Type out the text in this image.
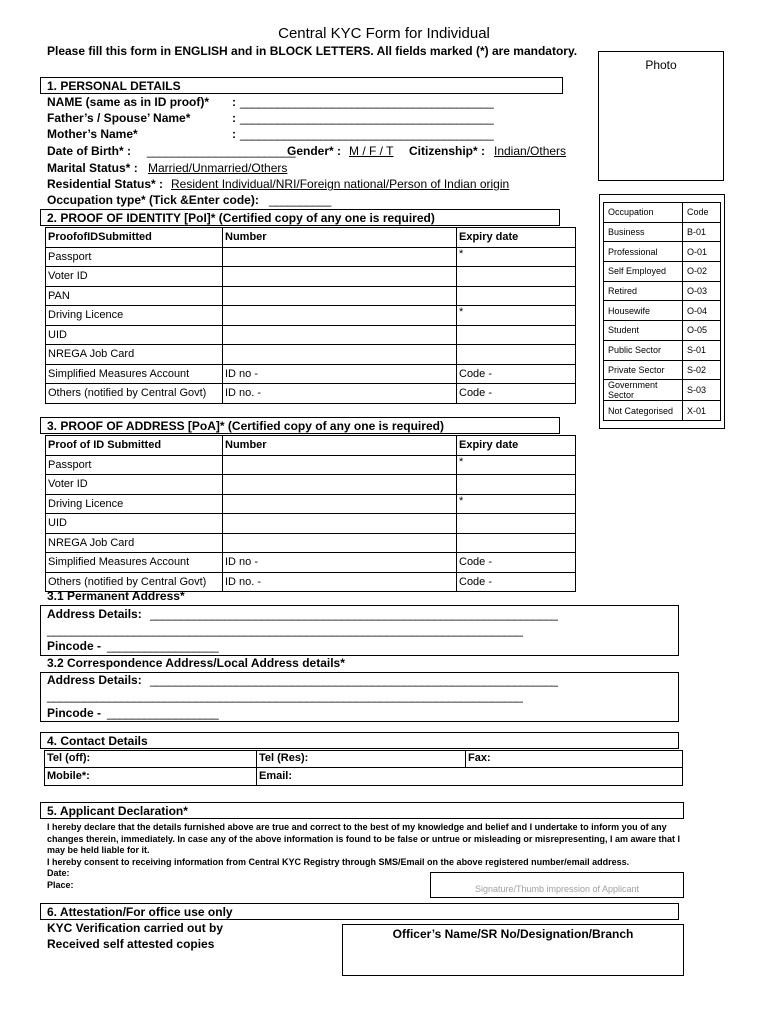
Central KYC Form for Individual
Please fill this form in ENGLISH and in BLOCK LETTERS. All fields marked (*) are mandatory.
Photo
1. PERSONAL DETAILS
NAME (same as in ID proof)* : _________________________________________
Father’s / Spouse’ Name*	: _________________________________________
Mother’s Name*	: _________________________________________
Date of Birth* : ________________________
Gender* : M / F / T Citizenship* : Indian/Others
Marital Status* : Married/Unmarried/Others
Residential Status* : Resident Individual/NRI/Foreign national/Person of Indian origin
Occupation type* (Tick &Enter code): __________
Occupation	Code
Business	B-01
Professional	O-01
Self Employed	O-02
Retired	O-03
Housewife	O-04
Student	O-05
Public Sector	S-01
Private Sector	S-02
Government Sector	S-03
Not Categorised	X-01
2. PROOF OF IDENTITY [PoI]* (Certified copy of any one is required)
ProofofIDSubmitted	Number	Expiry date
Passport		*
Voter ID		
PAN		
Driving Licence		*
UID		
NREGA Job Card		
Simplified Measures Account	ID no -	Code -
Others (notified by Central Govt)	ID no. -	Code -
3. PROOF OF ADDRESS [PoA]* (Certified copy of any one is required)
Proof of ID Submitted	Number	Expiry date
Passport		*
Voter ID		
Driving Licence		*
UID		
NREGA Job Card		
Simplified Measures Account	ID no -	Code -
Others (notified by Central Govt)	ID no. -	Code -
3.1 Permanent Address*
Address Details: __________________________________________________________________
_____________________________________________________________________________
Pincode - __________________
3.2 Correspondence Address/Local Address details*
Address Details: __________________________________________________________________
_____________________________________________________________________________
Pincode - __________________
4. Contact Details
Tel (off):	Tel (Res):	Fax:
Mobile*:	Email:
5. Applicant Declaration*
I hereby declare that the details furnished above are true and correct to the best of my knowledge and belief and I undertake to inform you of any changes therein, immediately. In case any of the above information is found to be false or untrue or misleading or misrepresenting, I am aware that I may be held liable for it.
I hereby consent to receiving information from Central KYC Registry through SMS/Email on the above registered number/email address.
Date:
Place:	Signature/Thumb impression of Applicant
6. Attestation/For office use only
KYC Verification carried out by
Received self attested copies
Officer’s Name/SR No/Designation/Branch
